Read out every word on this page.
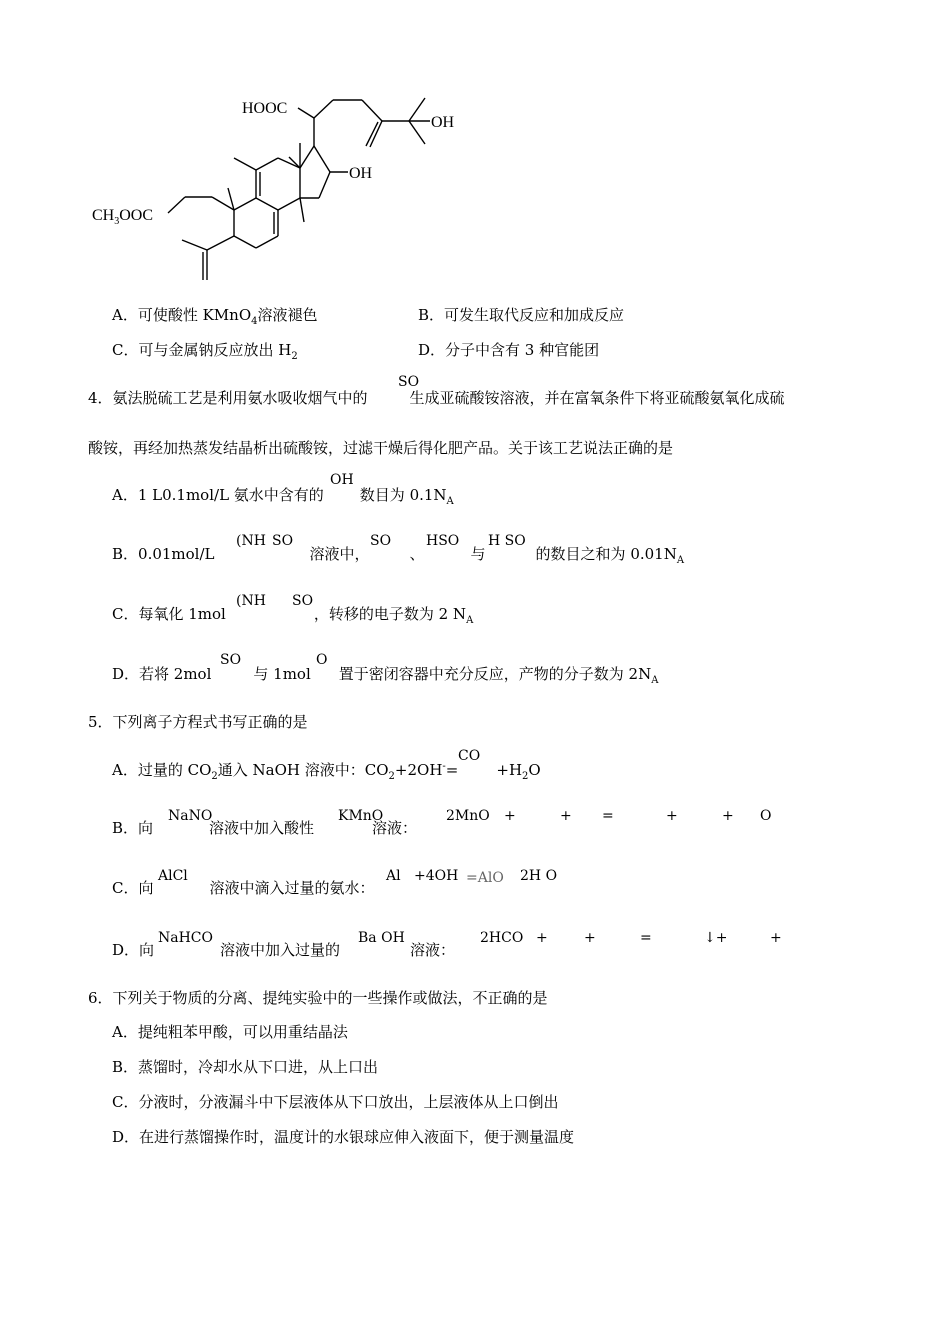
HOOC
OH
OH
$CH_3OOC$
A．可使酸性 KMnO$_4$溶液褪色	B．可发生取代反应和加成反应
C．可与金属钠反应放出 $H_2$	D．分子中含有 3 种官能团
4．氨法脱硫工艺是利用氨水吸收烟气中的	生成亚硫酸铵溶液，并在富氧条件下将亚硫酸氨氧化成硫
SO
酸铵，再经加热蒸发结晶析出硫酸铵，过滤干燥后得化肥产品。关于该工艺说法正确的是
A．1 L0.1mol/L 氨水中含有的 数目为 $0.1N_A$
OH
B．0.01mol/L	溶液中，	、	与	的数目之和为 $0.01N_A$
(NH SO	SO HSO H SO
C．每氧化 1mol	，转移的电子数为 2 $N_A$
(NH SO
D．若将 2mol	与 1mol 置于密闭容器中充分反应，产物的分子数为 $2N_A$
SO	O
5．下列离子方程式书写正确的是
A．过量的 $CO_2$通入 NaOH 溶液中：$CO_2+2OH^-=$	$+H_2O$
CO
B．向	溶液中加入酸性	溶液：
NaNO	KMnO	2MnO +	+ =	+	+ O
C．向	溶液中滴入过量的氨水：
AlCl	Al +4OH =AlO 2H O
D．向	溶液中加入过量的	溶液：
NaHCO	Ba OH	2HCO +	+	=	↓+	+
6．下列关于物质的分离、提纯实验中的一些操作或做法，不正确的是
A．提纯粗苯甲酸，可以用重结晶法
B．蒸馏时，冷却水从下口进，从上口出
C．分液时，分液漏斗中下层液体从下口放出，上层液体从上口倒出
D．在进行蒸馏操作时，温度计的水银球应伸入液面下，便于测量温度
